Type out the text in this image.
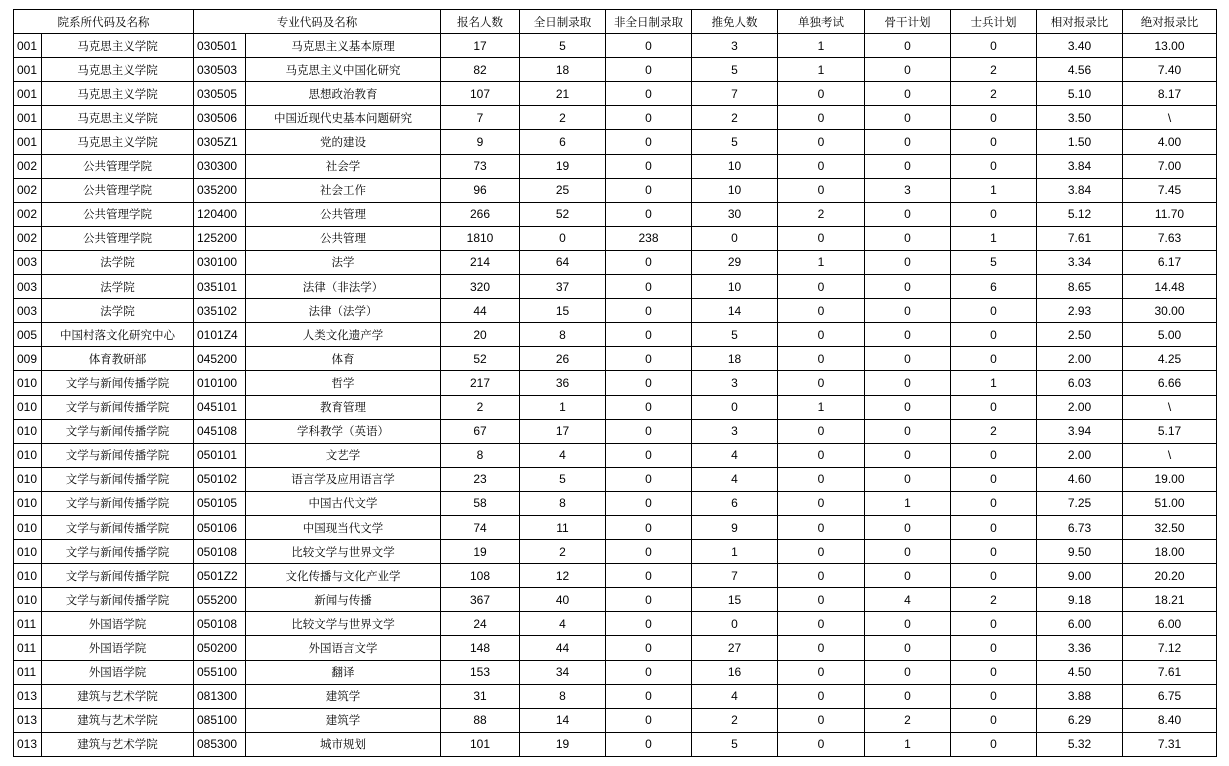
院系所代码及名称		专业代码及名称		报名人数	全日制录取	非全日制录取	推免人数	单独考试	骨干计划	士兵计划	相对报录比	绝对报录比
001	马克思主义学院	030501	马克思主义基本原理	17	5	0	3	1	0	0	3.40	13.00
001	马克思主义学院	030503	马克思主义中国化研究	82	18	0	5	1	0	2	4.56	7.40
001	马克思主义学院	030505	思想政治教育	107	21	0	7	0	0	2	5.10	8.17
001	马克思主义学院	030506	中国近现代史基本问题研究	7	2	0	2	0	0	0	3.50	\
001	马克思主义学院	0305Z1	党的建设	9	6	0	5	0	0	0	1.50	4.00
002	公共管理学院	030300	社会学	73	19	0	10	0	0	0	3.84	7.00
002	公共管理学院	035200	社会工作	96	25	0	10	0	3	1	3.84	7.45
002	公共管理学院	120400	公共管理	266	52	0	30	2	0	0	5.12	11.70
002	公共管理学院	125200	公共管理	1810	0	238	0	0	0	1	7.61	7.63
003	法学院	030100	法学	214	64	0	29	1	0	5	3.34	6.17
003	法学院	035101	法律（非法学）	320	37	0	10	0	0	6	8.65	14.48
003	法学院	035102	法律（法学）	44	15	0	14	0	0	0	2.93	30.00
005	中国村落文化研究中心	0101Z4	人类文化遗产学	20	8	0	5	0	0	0	2.50	5.00
009	体育教研部	045200	体育	52	26	0	18	0	0	0	2.00	4.25
010	文学与新闻传播学院	010100	哲学	217	36	0	3	0	0	1	6.03	6.66
010	文学与新闻传播学院	045101	教育管理	2	1	0	0	1	0	0	2.00	\
010	文学与新闻传播学院	045108	学科教学（英语）	67	17	0	3	0	0	2	3.94	5.17
010	文学与新闻传播学院	050101	文艺学	8	4	0	4	0	0	0	2.00	\
010	文学与新闻传播学院	050102	语言学及应用语言学	23	5	0	4	0	0	0	4.60	19.00
010	文学与新闻传播学院	050105	中国古代文学	58	8	0	6	0	1	0	7.25	51.00
010	文学与新闻传播学院	050106	中国现当代文学	74	11	0	9	0	0	0	6.73	32.50
010	文学与新闻传播学院	050108	比较文学与世界文学	19	2	0	1	0	0	0	9.50	18.00
010	文学与新闻传播学院	0501Z2	文化传播与文化产业学	108	12	0	7	0	0	0	9.00	20.20
010	文学与新闻传播学院	055200	新闻与传播	367	40	0	15	0	4	2	9.18	18.21
011	外国语学院	050108	比较文学与世界文学	24	4	0	0	0	0	0	6.00	6.00
011	外国语学院	050200	外国语言文学	148	44	0	27	0	0	0	3.36	7.12
011	外国语学院	055100	翻译	153	34	0	16	0	0	0	4.50	7.61
013	建筑与艺术学院	081300	建筑学	31	8	0	4	0	0	0	3.88	6.75
013	建筑与艺术学院	085100	建筑学	88	14	0	2	0	2	0	6.29	8.40
013	建筑与艺术学院	085300	城市规划	101	19	0	5	0	1	0	5.32	7.31
